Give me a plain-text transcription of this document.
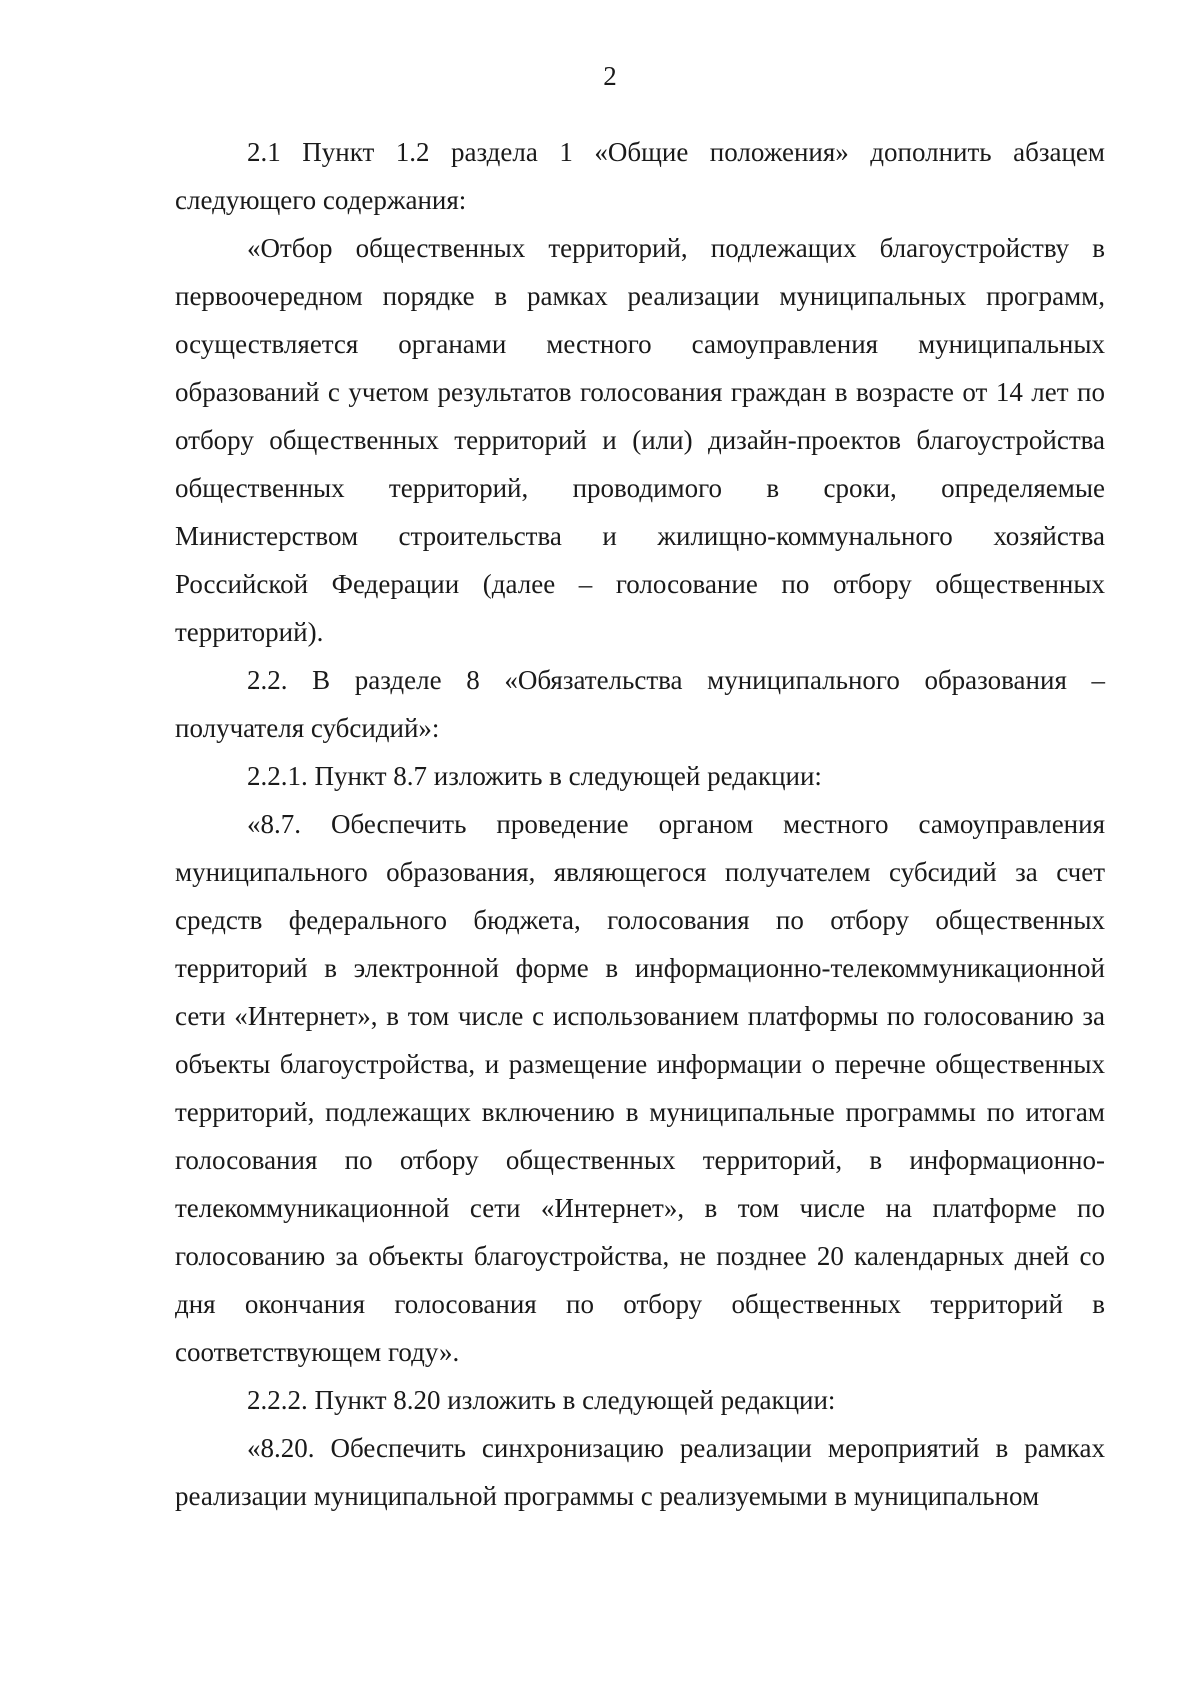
2

2.1 Пункт 1.2 раздела 1 «Общие положения» дополнить абзацем следующего содержания:

«Отбор общественных территорий, подлежащих благоустройству в первоочередном порядке в рамках реализации муниципальных программ, осуществляется органами местного самоуправления муниципальных образований с учетом результатов голосования граждан в возрасте от 14 лет по отбору общественных территорий и (или) дизайн-проектов благоустройства общественных территорий, проводимого в сроки, определяемые Министерством строительства и жилищно-коммунального хозяйства Российской Федерации (далее – голосование по отбору общественных территорий).

2.2. В разделе 8 «Обязательства муниципального образования – получателя субсидий»:

2.2.1. Пункт 8.7 изложить в следующей редакции:

«8.7. Обеспечить проведение органом местного самоуправления муниципального образования, являющегося получателем субсидий за счет средств федерального бюджета, голосования по отбору общественных территорий в электронной форме в информационно-телекоммуникационной сети «Интернет», в том числе с использованием платформы по голосованию за объекты благоустройства, и размещение информации о перечне общественных территорий, подлежащих включению в муниципальные программы по итогам голосования по отбору общественных территорий, в информационно-телекоммуникационной сети «Интернет», в том числе на платформе по голосованию за объекты благоустройства, не позднее 20 календарных дней со дня окончания голосования по отбору общественных территорий в соответствующем году».

2.2.2. Пункт 8.20 изложить в следующей редакции:

«8.20. Обеспечить синхронизацию реализации мероприятий в рамках реализации муниципальной программы с реализуемыми в муниципальном
